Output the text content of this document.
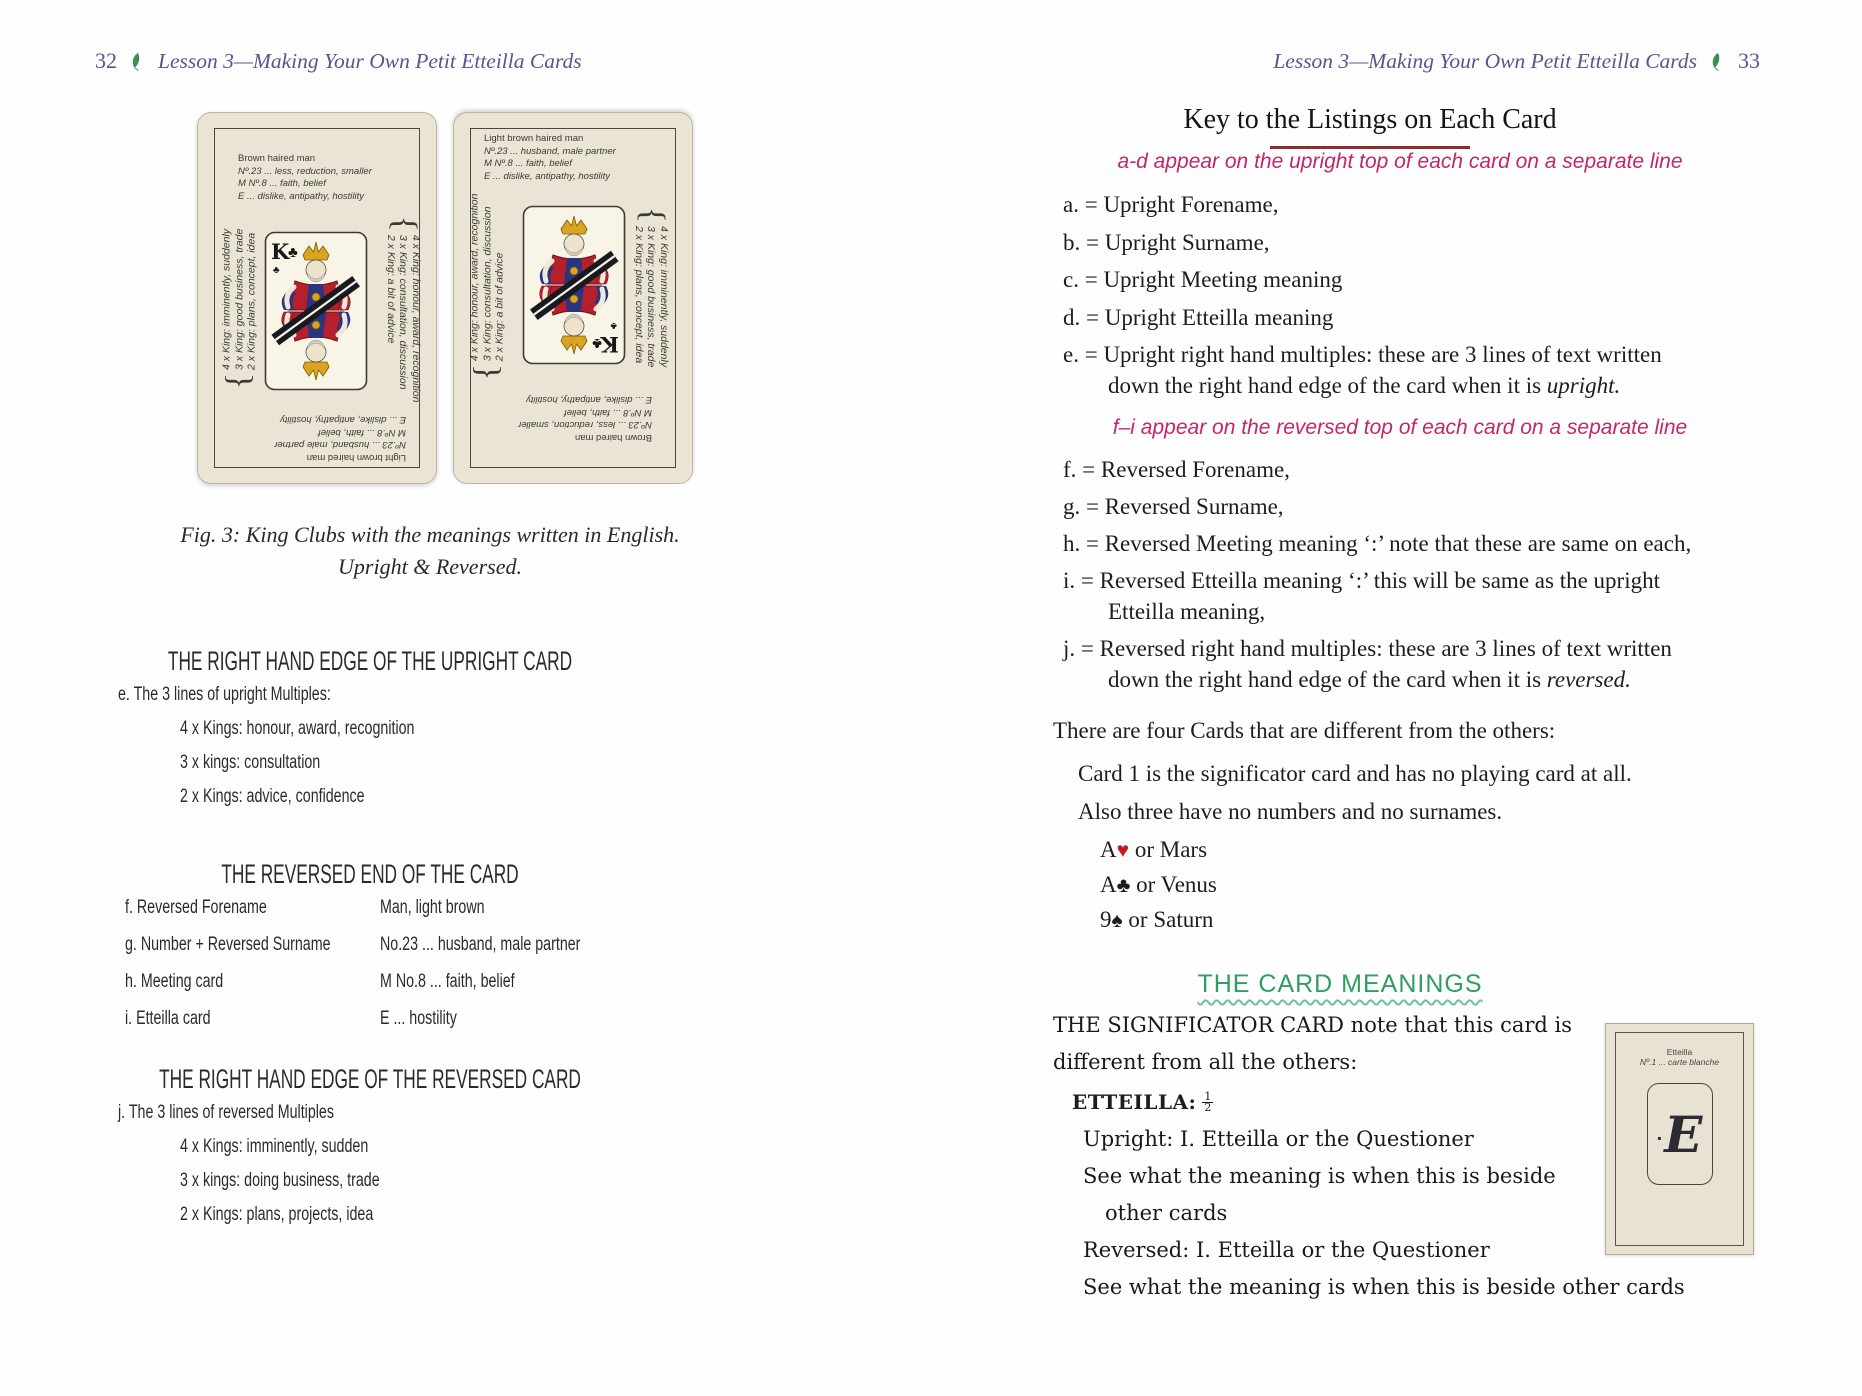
32 Lesson 3—Making Your Own Petit Etteilla Cards
Brown haired man
Nº.23 ... less, reduction, smaller
M Nº.8 ... faith, belief
E ... dislike, antipathy, hostility
{
4 x King: imminently, suddenly 3 x King: good business, trade 2 x King: plans, concept, idea
{
4 x King: honour, award, recognition
3 x King: consultation, discussion
2 x King: a bit of advice
K
♣
♣
Light brown haired man
Nº.23 ... husband, male partner
M Nº.8 ... faith, belief
E ... dislike, antipathy, hostility
Brown haired man
Nº.23 ... less, reduction, smaller
M Nº.8 ... faith, belief
E ... dislike, antipathy, hostility
{
4 x King: imminently, suddenly
3 x King: good business, trade
2 x King: plans, concept, idea
{
4 x King: honour, award, recognition 3 x King: consultation, discussion 2 x King: a bit of advice	K
♣
♣
Light brown haired man
Nº.23 ... husband, male partner
M Nº.8 ... faith, belief
E ... dislike, antipathy, hostility
Fig. 3: King Clubs with the meanings written in English.
Upright & Reversed.
THE RIGHT HAND EDGE OF THE UPRIGHT CARD
e. The 3 lines of upright Multiples:
4 x Kings: honour, award, recognition
3 x kings: consultation
2 x Kings: advice, confidence
THE REVERSED END OF THE CARD
f. Reversed Forename	Man, light brown
g. Number + Reversed Surname	No.23 ... husband, male partner
h. Meeting card	M No.8 ... faith, belief
i. Etteilla card	E ... hostility
THE RIGHT HAND EDGE OF THE REVERSED CARD
j. The 3 lines of reversed Multiples
4 x Kings: imminently, sudden
3 x kings: doing business, trade
2 x Kings: plans, projects, idea
Lesson 3—Making Your Own Petit Etteilla Cards 33
Key to the Listings on Each Card
a-d appear on the upright top of each card on a separate line
a. = Upright Forename,
b. = Upright Surname,
c. = Upright Meeting meaning
d. = Upright Etteilla meaning
e. = Upright right hand multiples: these are 3 lines of text written
down the right hand edge of the card when it is upright.
f–i appear on the reversed top of each card on a separate line
f. = Reversed Forename,
g. = Reversed Surname,
h. = Reversed Meeting meaning ‘:’ note that these are same on each,
i. = Reversed Etteilla meaning ‘:’ this will be same as the upright
Etteilla meaning,
j. = Reversed right hand multiples: these are 3 lines of text written
down the right hand edge of the card when it is reversed.
There are four Cards that are different from the others:
Card 1 is the significator card and has no playing card at all.
Also three have no numbers and no surnames.
A♥ or Mars
A♣ or Venus
9♠ or Saturn
THE CARD MEANINGS
THE SIGNIFICATOR CARD note that this card is
different from all the others:
ETTEILLA: $\frac{1}{2}$
Upright: I. Etteilla or the Questioner
See what the meaning is when this is beside
other cards
Reversed: I. Etteilla or the Questioner
See what the meaning is when this is beside other cards
Etteilla
Nº.1 ... carte blanche
. E
